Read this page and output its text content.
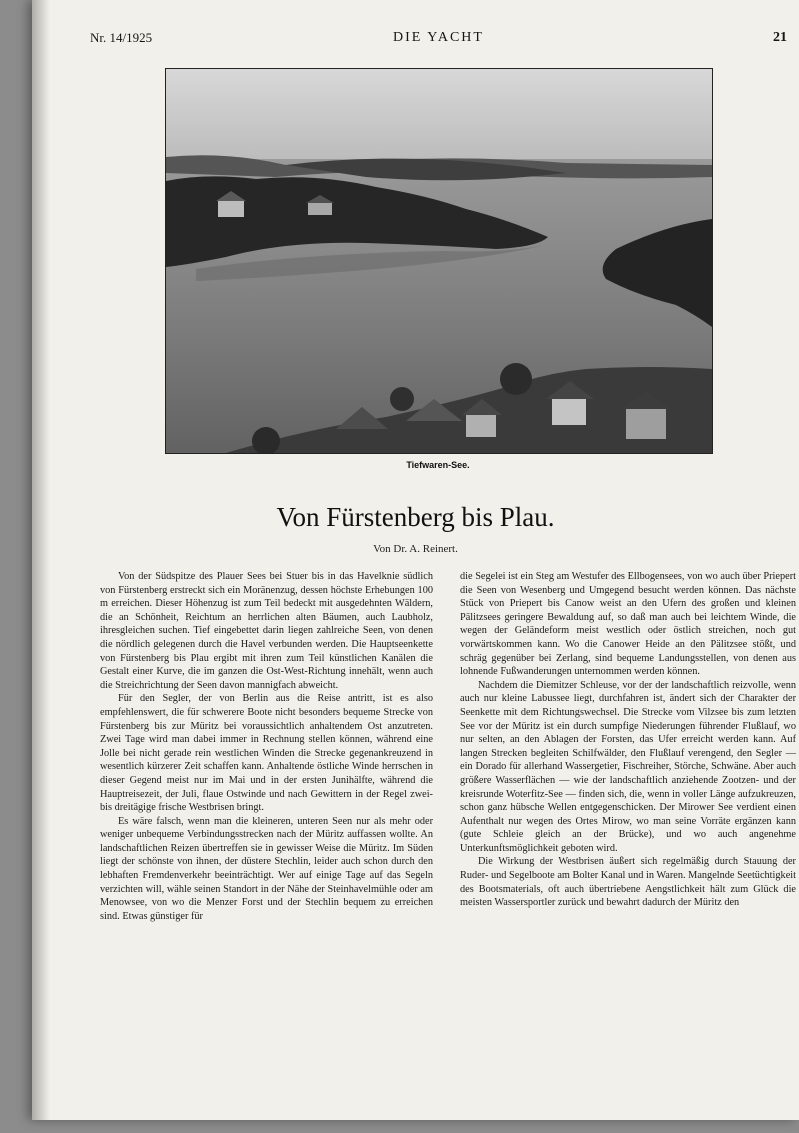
Nr. 14/1925	DIE YACHT	21
Tiefwaren-See.
Von Fürstenberg bis Plau.
Von Dr. A. Reinert.

Von der Südspitze des Plauer Sees bei Stuer bis in das Havelknie südlich von Fürstenberg erstreckt sich ein Moränenzug, dessen höchste Erhebungen 100 m erreichen. Dieser Höhenzug ist zum Teil bedeckt mit ausgedehnten Wäldern, die an Schönheit, Reichtum an herrlichen alten Bäumen, auch Laubholz, ihresgleichen suchen. Tief eingebettet darin liegen zahlreiche Seen, von denen die nördlich gelegenen durch die Havel verbunden werden. Die Hauptseenkette von Fürstenberg bis Plau ergibt mit ihren zum Teil künstlichen Kanälen die Gestalt einer Kurve, die im ganzen die Ost-West-Richtung innehält, wenn auch die Streichrichtung der Seen davon mannigfach abweicht.

Für den Segler, der von Berlin aus die Reise antritt, ist es also empfehlenswert, die für schwerere Boote nicht besonders bequeme Strecke von Fürstenberg bis zur Müritz bei voraussichtlich anhaltendem Ost anzutreten. Zwei Tage wird man dabei immer in Rechnung stellen können, während eine Jolle bei nicht gerade rein westlichen Winden die Strecke gegenankreuzend in wesentlich kürzerer Zeit schaffen kann. Anhaltende östliche Winde herrschen in dieser Gegend meist nur im Mai und in der ersten Junihälfte, während die Hauptreisezeit, der Juli, flaue Ostwinde und nach Gewittern in der Regel zwei- bis dreitägige frische Westbrisen bringt.

Es wäre falsch, wenn man die kleineren, unteren Seen nur als mehr oder weniger unbequeme Verbindungsstrecken nach der Müritz auffassen wollte. An landschaftlichen Reizen übertreffen sie in gewisser Weise die Müritz. Im Süden liegt der schönste von ihnen, der düstere Stechlin, leider auch schon durch den lebhaften Fremdenverkehr beeinträchtigt. Wer auf einige Tage auf das Segeln verzichten will, wähle seinen Standort in der Nähe der Steinhavelmühle oder am Menowsee, von wo die Menzer Forst und der Stechlin bequem zu erreichen sind. Etwas günstiger für

die Segelei ist ein Steg am Westufer des Ellbogensees, von wo auch über Priepert die Seen von Wesenberg und Umgegend besucht werden können. Das nächste Stück von Priepert bis Canow weist an den Ufern des großen und kleinen Pälitzsees geringere Bewaldung auf, so daß man auch bei leichtem Winde, die wegen der Geländeform meist westlich oder östlich streichen, noch gut vorwärtskommen kann. Wo die Canower Heide an den Pälitzsee stößt, und schräg gegenüber bei Zerlang, sind bequeme Landungsstellen, von denen aus lohnende Fußwanderungen unternommen werden können.

Nachdem die Diemitzer Schleuse, vor der der landschaftlich reizvolle, wenn auch nur kleine Labussee liegt, durchfahren ist, ändert sich der Charakter der Seenkette mit dem Richtungswechsel. Die Strecke vom Vilzsee bis zum letzten See vor der Müritz ist ein durch sumpfige Niederungen führender Flußlauf, wo nur selten, an den Ablagen der Forsten, das Ufer erreicht werden kann. Auf langen Strecken begleiten Schilfwälder, den Flußlauf verengend, den Segler — ein Dorado für allerhand Wassergetier, Fischreiher, Störche, Schwäne. Aber auch größere Wasserflächen — wie der landschaftlich anziehende Zootzen- und der kreisrunde Woterfitz-See — finden sich, die, wenn in voller Länge aufzukreuzen, schon ganz hübsche Wellen entgegenschicken. Der Mirower See verdient einen Aufenthalt nur wegen des Ortes Mirow, wo man seine Vorräte ergänzen kann (gute Schleie gleich an der Brücke), und wo auch angenehme Unterkunftsmöglichkeit geboten wird.

Die Wirkung der Westbrisen äußert sich regelmäßig durch Stauung der Ruder- und Segelboote am Bolter Kanal und in Waren. Mangelnde Seetüchtigkeit des Bootsmaterials, oft auch übertriebene Aengstlichkeit hält zum Glück die meisten Wassersportler zurück und bewahrt dadurch der Müritz den
